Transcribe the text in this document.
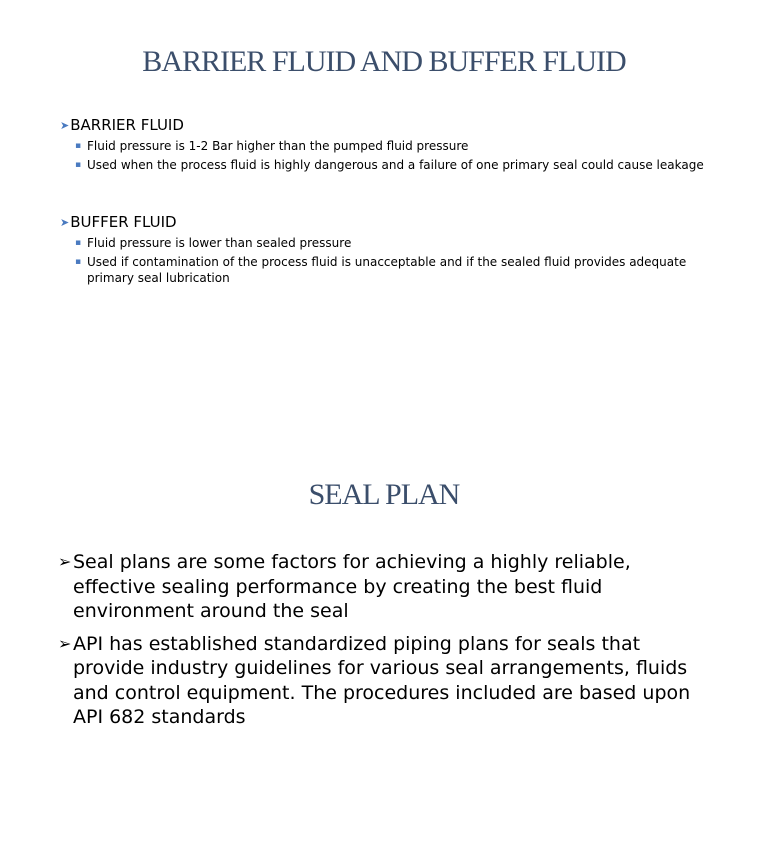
BARRIER FLUID AND BUFFER FLUID
➤ BARRIER FLUID
▪ Fluid pressure is 1-2 Bar higher than the pumped fluid pressure
▪ Used when the process fluid is highly dangerous and a failure of one primary seal could cause leakage
➤ BUFFER FLUID
▪ Fluid pressure is lower than sealed pressure
▪ Used if contamination of the process fluid is unacceptable and if the sealed fluid provides adequate primary seal lubrication
SEAL PLAN
➢ Seal plans are some factors for achieving a highly reliable, effective sealing performance by creating the best fluid environment around the seal
➢ API has established standardized piping plans for seals that provide industry guidelines for various seal arrangements, fluids and control equipment. The procedures included are based upon API 682 standards
